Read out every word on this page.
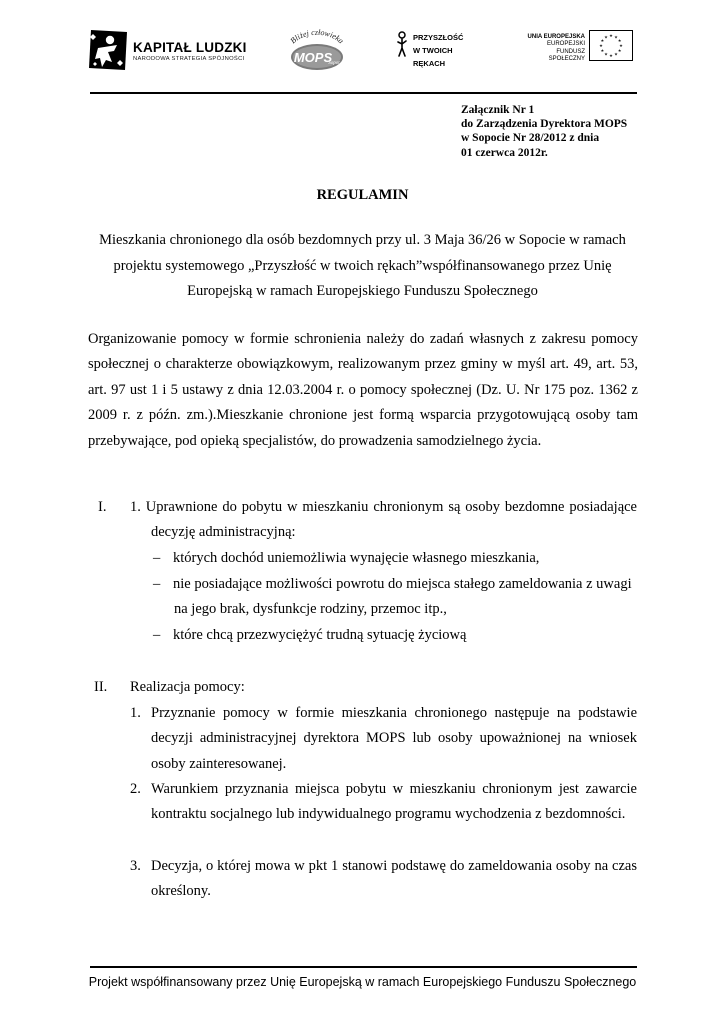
KAPITAŁ LUDZKI
NARODOWA STRATEGIA SPÓJNOŚCI
Bliżej człowieka
MOPS
Sopot
PRZYSZŁOŚĆ
W TWOICH
RĘKACH
UNIA EUROPEJSKA
EUROPEJSKI
FUNDUSZ SPOŁECZNY
★ ★
★
★
★
★
★
★
★
★
★
★
Załącznik Nr 1
do Zarządzenia Dyrektora MOPS
w Sopocie Nr 28/2012 z dnia
01 czerwca 2012r.
REGULAMIN
Mieszkania chronionego dla osób bezdomnych przy ul. 3 Maja 36/26 w Sopocie w ramach
projektu systemowego „Przyszłość w twoich rękach”współfinansowanego przez Unię
Europejską w ramach Europejskiego Funduszu Społecznego
Organizowanie pomocy w formie schronienia należy do zadań własnych z zakresu pomocy społecznej o charakterze obowiązkowym, realizowanym przez gminy w myśl art. 49, art. 53, art. 97 ust 1 i 5 ustawy z dnia 12.03.2004 r. o pomocy społecznej (Dz. U. Nr 175 poz. 1362 z 2009 r. z późn. zm.).Mieszkanie chronione jest formą wsparcia przygotowującą osoby tam przebywające, pod opieką specjalistów, do prowadzenia samodzielnego życia.
I. 1. Uprawnione do pobytu w mieszkaniu chronionym są osoby bezdomne posiadające
decyzję administracyjną:
– których dochód uniemożliwia wynajęcie własnego mieszkania,
– nie posiadające możliwości powrotu do miejsca stałego zameldowania z uwagi
na jego brak, dysfunkcje rodziny, przemoc itp.,
– które chcą przezwyciężyć trudną sytuację życiową
II. Realizacja pomocy:
1. Przyznanie pomocy w formie mieszkania chronionego następuje na podstawie
decyzji administracyjnej dyrektora MOPS lub osoby upoważnionej na wniosek
osoby zainteresowanej.
2. Warunkiem przyznania miejsca pobytu w mieszkaniu chronionym jest zawarcie
kontraktu socjalnego lub indywidualnego programu wychodzenia z bezdomności.
3. Decyzja, o której mowa w pkt 1 stanowi podstawę do zameldowania osoby na czas
określony.
Projekt współfinansowany przez Unię Europejską w ramach Europejskiego Funduszu Społecznego
